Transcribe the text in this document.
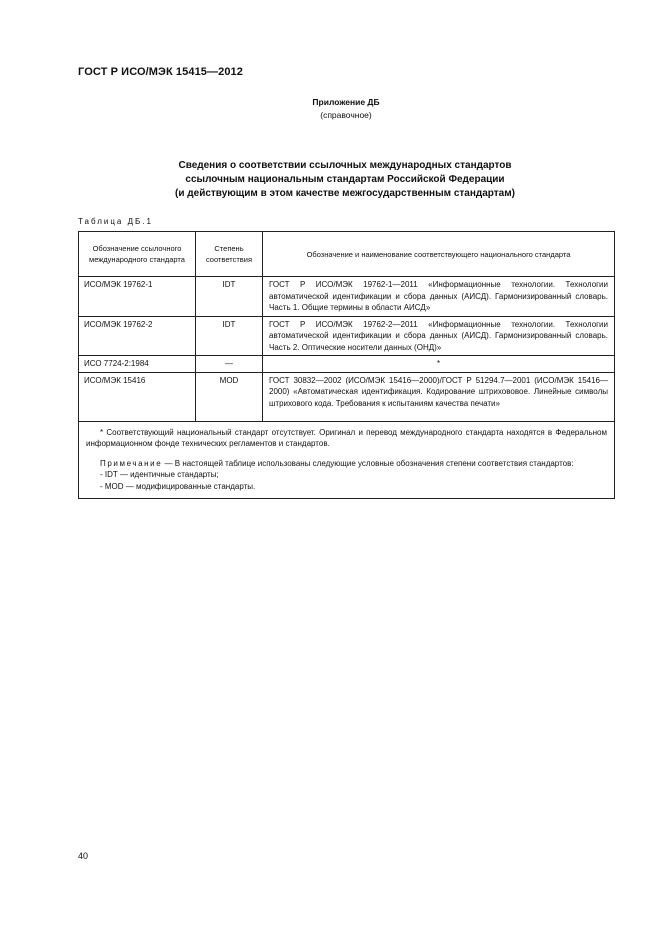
ГОСТ Р ИСО/МЭК 15415—2012
Приложение ДБ
(справочное)
Сведения о соответствии ссылочных международных стандартов
ссылочным национальным стандартам Российской Федерации
(и действующим в этом качестве межгосударственным стандартам)
Таблица ДБ.1
Обозначение ссылочного международного стандарта	Степень соответствия	Обозначение и наименование соответствующего национального стандарта
ИСО/МЭК 19762-1	IDT	ГОСТ Р ИСО/МЭК 19762-1—2011 «Информационные технологии. Технологии автоматической идентификации и сбора данных (АИСД). Гармонизированный словарь. Часть 1. Общие термины в области АИСД»
ИСО/МЭК 19762-2	IDT	ГОСТ Р ИСО/МЭК 19762-2—2011 «Информационные технологии. Технологии автоматической идентификации и сбора данных (АИСД). Гармонизированный словарь. Часть 2. Оптические носители данных (ОНД)»
ИСО 7724-2:1984	—	*
ИСО/МЭК 15416	MOD	ГОСТ 30832—2002 (ИСО/МЭК 15416—2000)/ГОСТ Р 51294.7—2001 (ИСО/МЭК 15416—2000) «Автоматическая идентификация. Кодирование штрихововое. Линейные символы штрихового кода. Требования к испытаниям качества печати»

* Соответствующий национальный стандарт отсутствует. Оригинал и перевод международного стандарта находятся в Федеральном информационном фонде технических регламентов и стандартов.
Примечание — В настоящей таблице использованы следующие условные обозначения степени соответствия стандартов:
- IDT — идентичные стандарты;
- MOD — модифицированные стандарты.		
40
